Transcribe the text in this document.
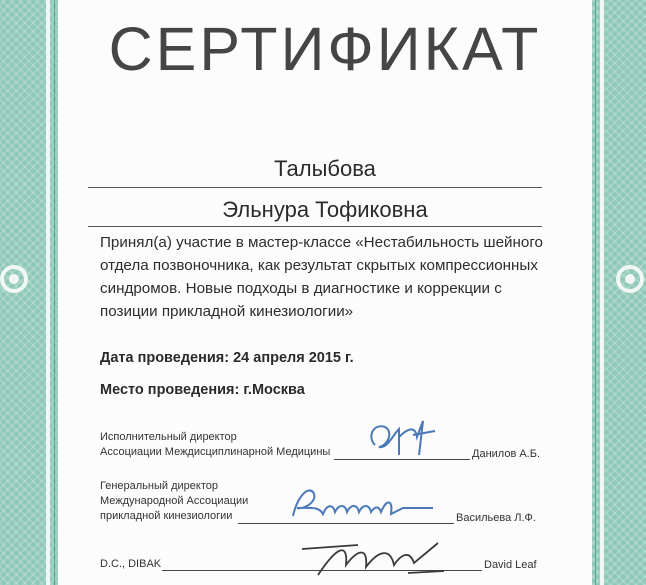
СЕРТИФИКАТ
Талыбова
Эльнура Тофиковна
Принял(а) участие в мастер-классе «Нестабильность шейного
отдела позвоночника, как результат скрытых компрессионных
синдромов. Новые подходы в диагностике и коррекции с
позиции прикладной кинезиологии»
Дата проведения: 24 апреля 2015 г.
Место проведения: г.Москва
Исполнительный директор
Ассоциации Междисциплинарной Медицины	Данилов А.Б.
Генеральный директор
Международной Ассоциации
прикладной кинезиологии	Васильева Л.Ф.
D.C., DIBAK	David Leaf
